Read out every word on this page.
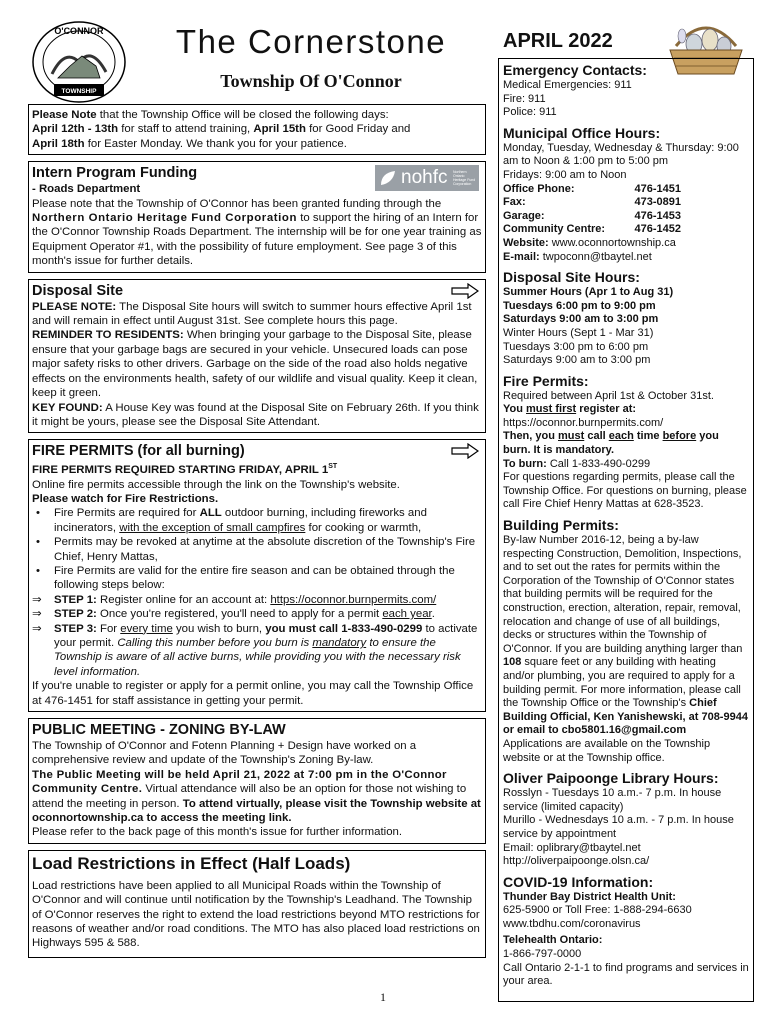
O'CONNOR
TOWNSHIP
The Cornerstone
Township Of O'Connor

Please Note that the Township Office will be closed the following days:
April 12th - 13th for staff to attend training, April 15th for Good Friday and
April 18th for Easter Monday. We thank you for your patience.

Intern Program Funding	nohfc Northern Ontario Heritage Fund Corporation

- Roads Department

Please note that the Township of O'Connor has been granted funding through the Northern Ontario Heritage Fund Corporation to support the hiring of an Intern for the O'Connor Township Roads Department. The internship will be for one year training as Equipment Operator #1, with the possibility of future employment. See page 3 of this month's issue for further details.

Disposal Site

PLEASE NOTE: The Disposal Site hours will switch to summer hours effective April 1st and will remain in effect until August 31st. See complete hours this page.

REMINDER TO RESIDENTS: When bringing your garbage to the Disposal Site, please ensure that your garbage bags are secured in your vehicle. Unsecured loads can pose major safety risks to other drivers. Garbage on the side of the road also holds negative effects on the environments health, safety of our wildlife and visual quality. Keep it clean, keep it green.

KEY FOUND: A House Key was found at the Disposal Site on February 26th. If you think it might be yours, please see the Disposal Site Attendant.

FIRE PERMITS (for all burning)

FIRE PERMITS REQUIRED STARTING FRIDAY, APRIL 1ST

Online fire permits accessible through the link on the Township's website.

Please watch for Fire Restrictions.

• Fire Permits are required for ALL outdoor burning, including fireworks and incinerators, with the exception of small campfires for cooking or warmth,
• Permits may be revoked at anytime at the absolute discretion of the Township's Fire Chief, Henry Mattas,
• Fire Permits are valid for the entire fire season and can be obtained through the following steps below:
⇒ STEP 1: Register online for an account at: https://oconnor.burnpermits.com/
⇒ STEP 2: Once you're registered, you'll need to apply for a permit each year.
⇒ STEP 3: For every time you wish to burn, you must call 1-833-490-0299 to activate your permit. Calling this number before you burn is mandatory to ensure the Township is aware of all active burns, while providing you with the necessary risk level information.

If you're unable to register or apply for a permit online, you may call the Township Office at 476-1451 for staff assistance in getting your permit.

PUBLIC MEETING - ZONING BY-LAW

The Township of O'Connor and Fotenn Planning + Design have worked on a comprehensive review and update of the Township's Zoning By-law.

The Public Meeting will be held April 21, 2022 at 7:00 pm in the O'Connor Community Centre. Virtual attendance will also be an option for those not wishing to attend the meeting in person. To attend virtually, please visit the Township website at oconnortownship.ca to access the meeting link.

Please refer to the back page of this month's issue for further information.

Load Restrictions in Effect (Half Loads)

Load restrictions have been applied to all Municipal Roads within the Township of O'Connor and will continue until notification by the Township's Leadhand. The Township of O'Connor reserves the right to extend the load restrictions beyond MTO restrictions for reasons of weather and/or road conditions. The MTO has also placed load restrictions on Highways 595 & 588.

1
APRIL 2022
Emergency Contacts:
Medical Emergencies: 911
Fire: 911
Police: 911
Municipal Office Hours:
Monday, Tuesday, Wednesday & Thursday: 9:00 am to Noon & 1:00 pm to 5:00 pm
Fridays: 9:00 am to Noon
Office Phone:	476-1451
Fax:	473-0891
Garage:	476-1453
Community Centre:	476-1452
Website: www.oconnortownship.ca
E-mail: twpoconn@tbaytel.net
Disposal Site Hours:
Summer Hours (Apr 1 to Aug 31)
Tuesdays 6:00 pm to 9:00 pm
Saturdays 9:00 am to 3:00 pm
Winter Hours (Sept 1 - Mar 31)
Tuesdays 3:00 pm to 6:00 pm
Saturdays 9:00 am to 3:00 pm
Fire Permits:
Required between April 1st & October 31st.
You must first register at:
https://oconnor.burnpermits.com/
Then, you must call each time before you burn. It is mandatory.
To burn: Call 1-833-490-0299
For questions regarding permits, please call the Township Office. For questions on burning, please call Fire Chief Henry Mattas at 628-3523.
Building Permits:
By-law Number 2016-12, being a by-law respecting Construction, Demolition, Inspections, and to set out the rates for permits within the Corporation of the Township of O'Connor states that building permits will be required for the construction, erection, alteration, repair, removal, relocation and change of use of all buildings, decks or structures within the Township of O'Connor. If you are building anything larger than 108 square feet or any building with heating and/or plumbing, you are required to apply for a building permit. For more information, please call the Township Office or the Township's Chief Building Official, Ken Yanishewski, at 708-9944 or email to cbo5801.16@gmail.com
Applications are available on the Township website or at the Township office.
Oliver Paipoonge Library Hours:
Rosslyn - Tuesdays 10 a.m.- 7 p.m. In house service (limited capacity)
Murillo - Wednesdays 10 a.m. - 7 p.m. In house service by appointment
Email: oplibrary@tbaytel.net
http://oliverpaipoonge.olsn.ca/
COVID-19 Information:
Thunder Bay District Health Unit:
625-5900 or Toll Free: 1-888-294-6630
www.tbdhu.com/coronavirus
Telehealth Ontario:
1-866-797-0000
Call Ontario 2-1-1 to find programs and services in your area.
